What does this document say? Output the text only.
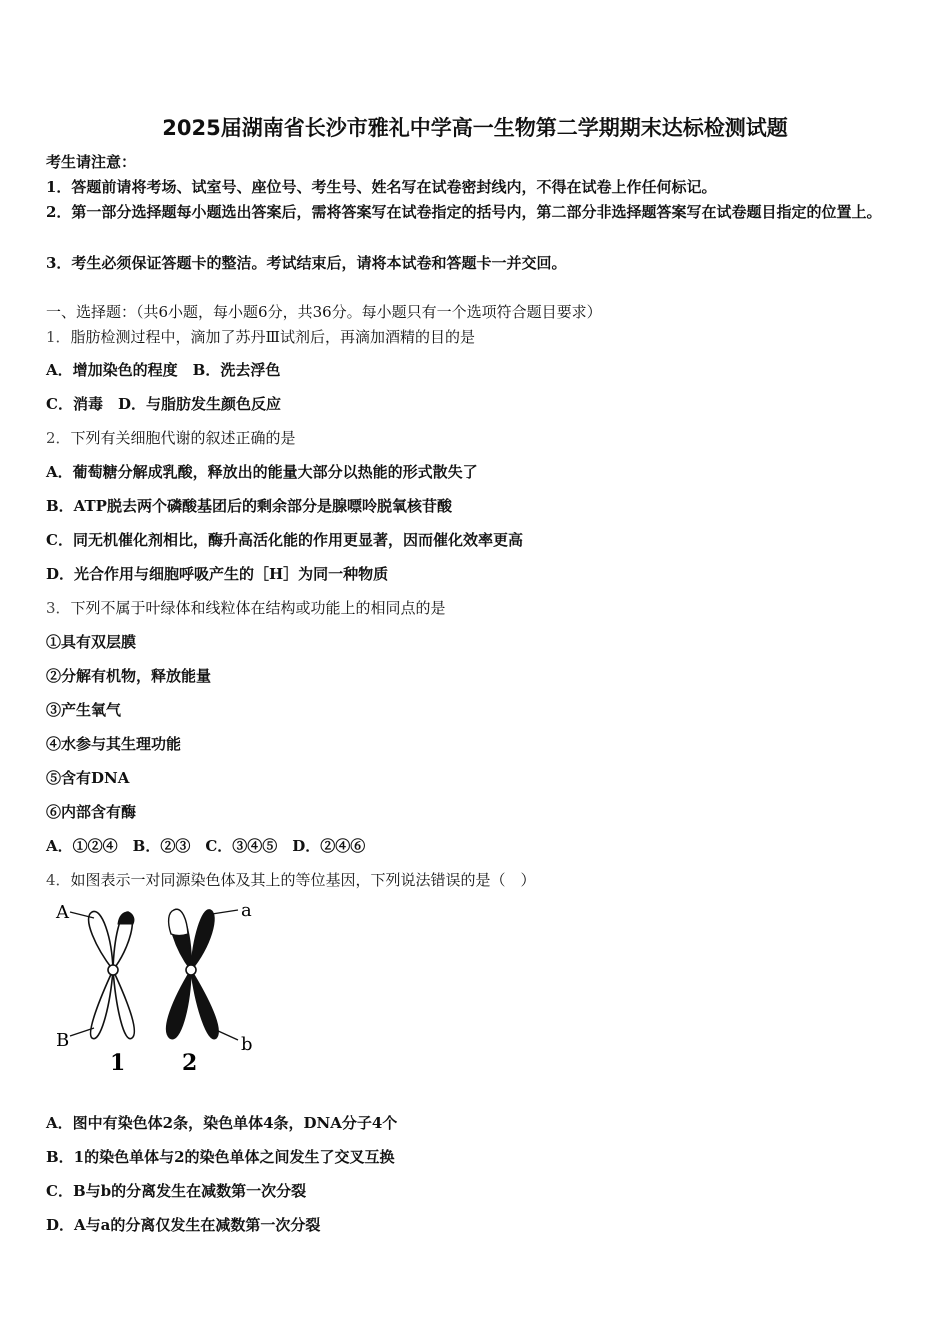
2025届湖南省长沙市雅礼中学高一生物第二学期期末达标检测试题
考生请注意：
1．答题前请将考场、试室号、座位号、考生号、姓名写在试卷密封线内，不得在试卷上作任何标记。
2．第一部分选择题每小题选出答案后，需将答案写在试卷指定的括号内，第二部分非选择题答案写在试卷题目指定的位置上。
3．考生必须保证答题卡的整洁。考试结束后，请将本试卷和答题卡一并交回。
一、选择题：（共6小题，每小题6分，共36分。每小题只有一个选项符合题目要求）
1．脂肪检测过程中，滴加了苏丹Ⅲ试剂后，再滴加酒精的目的是
A．增加染色的程度　B．洗去浮色
C．消毒　D．与脂肪发生颜色反应
2．下列有关细胞代谢的叙述正确的是
A．葡萄糖分解成乳酸，释放出的能量大部分以热能的形式散失了
B．ATP脱去两个磷酸基团后的剩余部分是腺嘌呤脱氧核苷酸
C．同无机催化剂相比，酶升高活化能的作用更显著，因而催化效率更高
D．光合作用与细胞呼吸产生的［H］为同一种物质
3．下列不属于叶绿体和线粒体在结构或功能上的相同点的是
①具有双层膜
②分解有机物，释放能量
③产生氧气
④水参与其生理功能
⑤含有DNA
⑥内部含有酶
A．①②④　B．②③　C．③④⑤　D．②④⑥
4．如图表示一对同源染色体及其上的等位基因，下列说法错误的是（　）
A	a
B	b
1	2
A．图中有染色体2条，染色单体4条，DNA分子4个
B．1的染色单体与2的染色单体之间发生了交叉互换
C．B与b的分离发生在减数第一次分裂
D．A与a的分离仅发生在减数第一次分裂
